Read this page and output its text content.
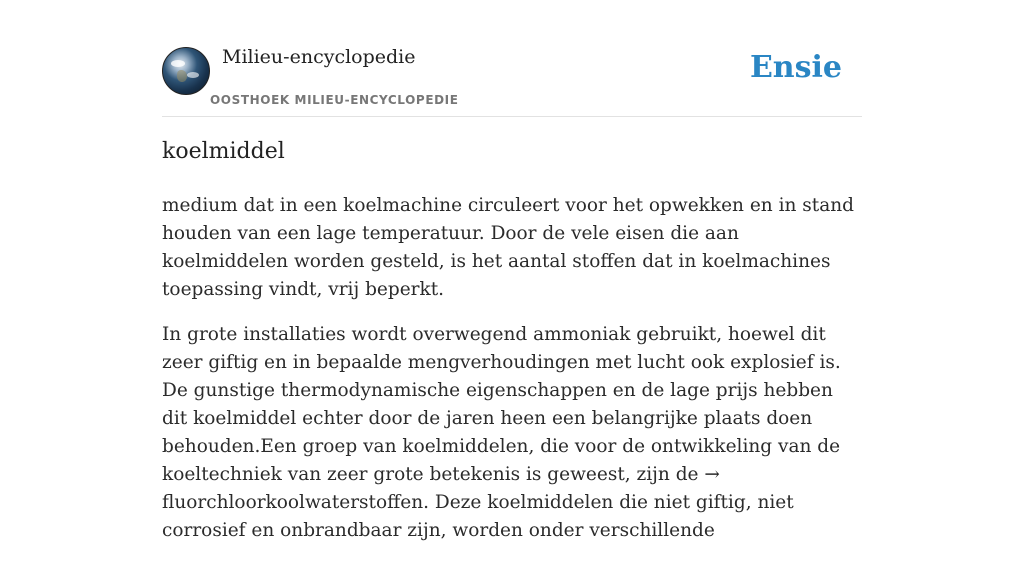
Milieu-encyclopedie
OOSTHOEK MILIEU-ENCYCLOPEDIE
Ensie
koelmiddel

medium dat in een koelmachine circuleert voor het opwekken en in stand houden van een lage temperatuur. Door de vele eisen die aan koelmiddelen worden gesteld, is het aantal stoffen dat in koelmachines toepassing vindt, vrij beperkt.

In grote installaties wordt overwegend ammoniak gebruikt, hoewel dit zeer giftig en in bepaalde mengverhoudingen met lucht ook explosief is. De gunstige thermodynamische eigenschappen en de lage prijs hebben dit koelmiddel echter door de jaren heen een belangrijke plaats doen behouden.Een groep van koelmiddelen, die voor de ontwikkeling van de koeltechniek van zeer grote betekenis is geweest, zijn de → fluorchloorkoolwaterstoffen. Deze koelmiddelen die niet giftig, niet corrosief en onbrandbaar zijn, worden onder verschillende
